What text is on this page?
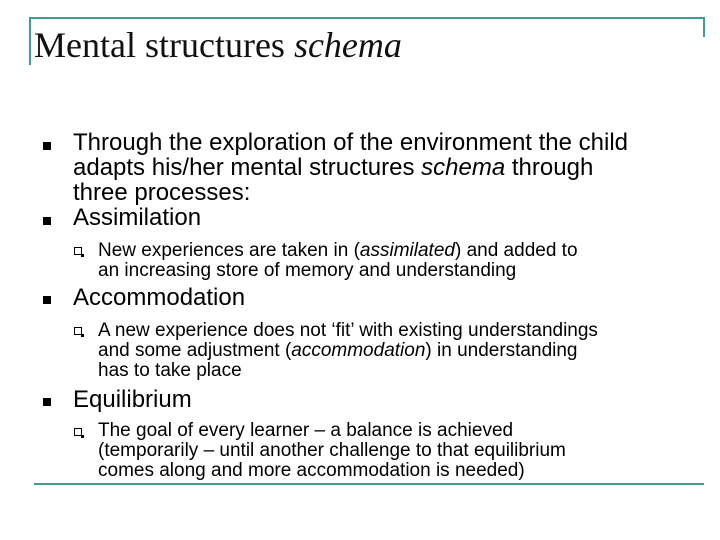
Mental structures schema
Through the exploration of the environment the child
adapts his/her mental structures schema through
three processes:
Assimilation
New experiences are taken in (assimilated) and added to
an increasing store of memory and understanding
Accommodation
A new experience does not ‘fit’ with existing understandings
and some adjustment (accommodation) in understanding
has to take place
Equilibrium
The goal of every learner – a balance is achieved
(temporarily – until another challenge to that equilibrium
comes along and more accommodation is needed)
